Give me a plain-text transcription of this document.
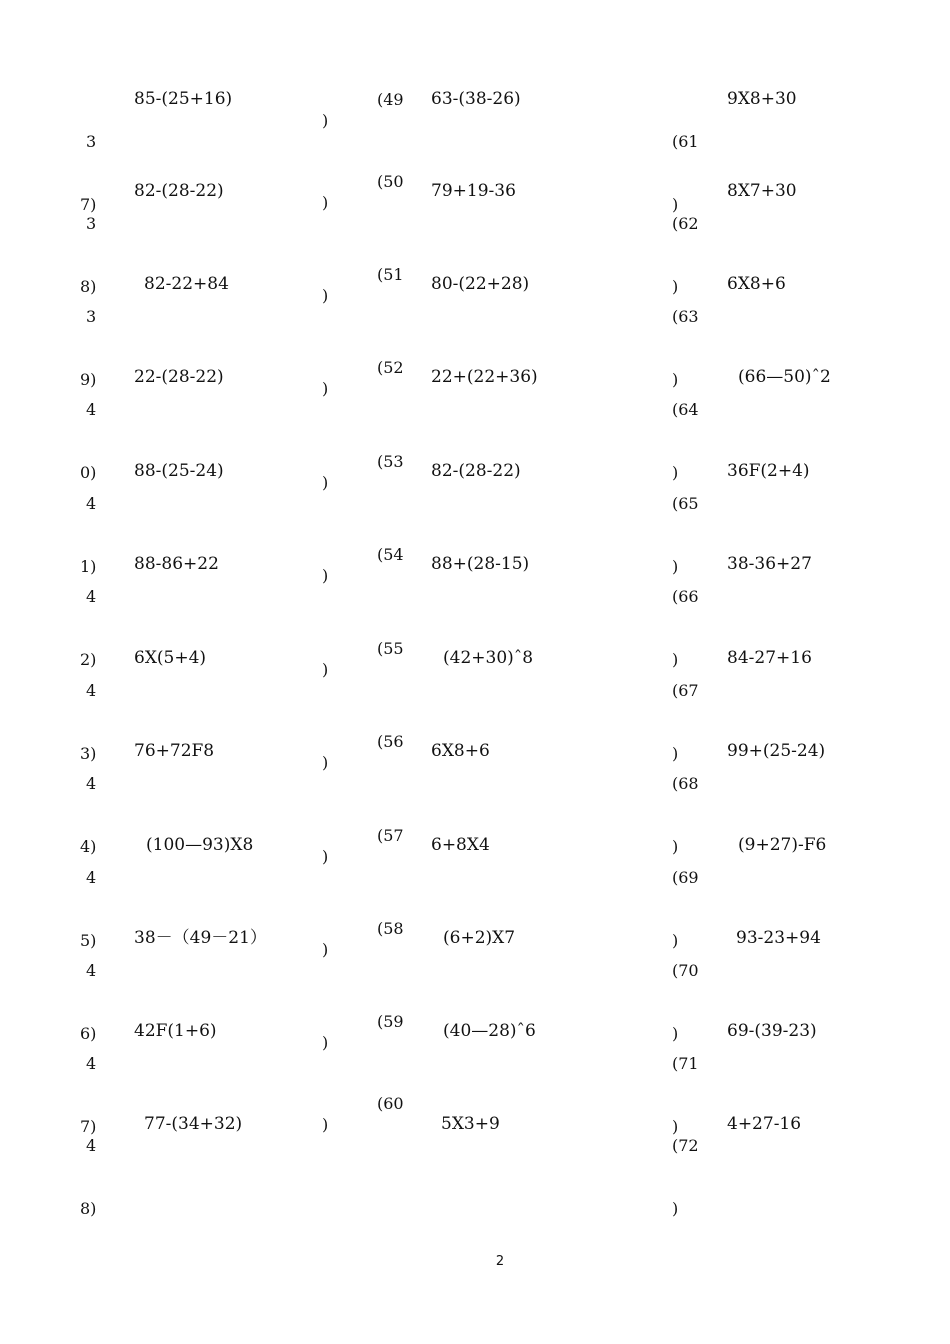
3

7)

85-(25+16)
)
(49 63-(38-26)

(61

)

9X8+30

3

8)

82-(28-22)
)
(50 79+19-36

(62

)

8X7+30

3

9)

82-22+84
)
(51 80-(22+28)

(63

)

6X8+6

4

0)

22-(28-22)
)
(52 22+(22+36)

(64

)

(66—50)ˆ2

4

1)

88-(25-24)
)
(53 82-(28-22)

(65

)

36F(2+4)

4

2)

88-86+22
)
(54 88+(28-15)

(66

)

38-36+27

4

3)

6X(5+4)
)
(55 (42+30)ˆ8

(67

)

84-27+16

4

4)

76+72F8
)
(56 6X8+6

(68

)

99+(25-24)

4

5)

(100—93)X8
)
(57 6+8X4

(69

)

(9+27)-F6

4

6)

38－（49－21）
)
(58 (6+2)X7

(70

)

93-23+94

4

7)

42F(1+6)
)
(59 (40—28)ˆ6

(71

)

69-(39-23)

4

8)

77-(34+32)	)
(60
5X3+9

(72

)

4+27-16
2
